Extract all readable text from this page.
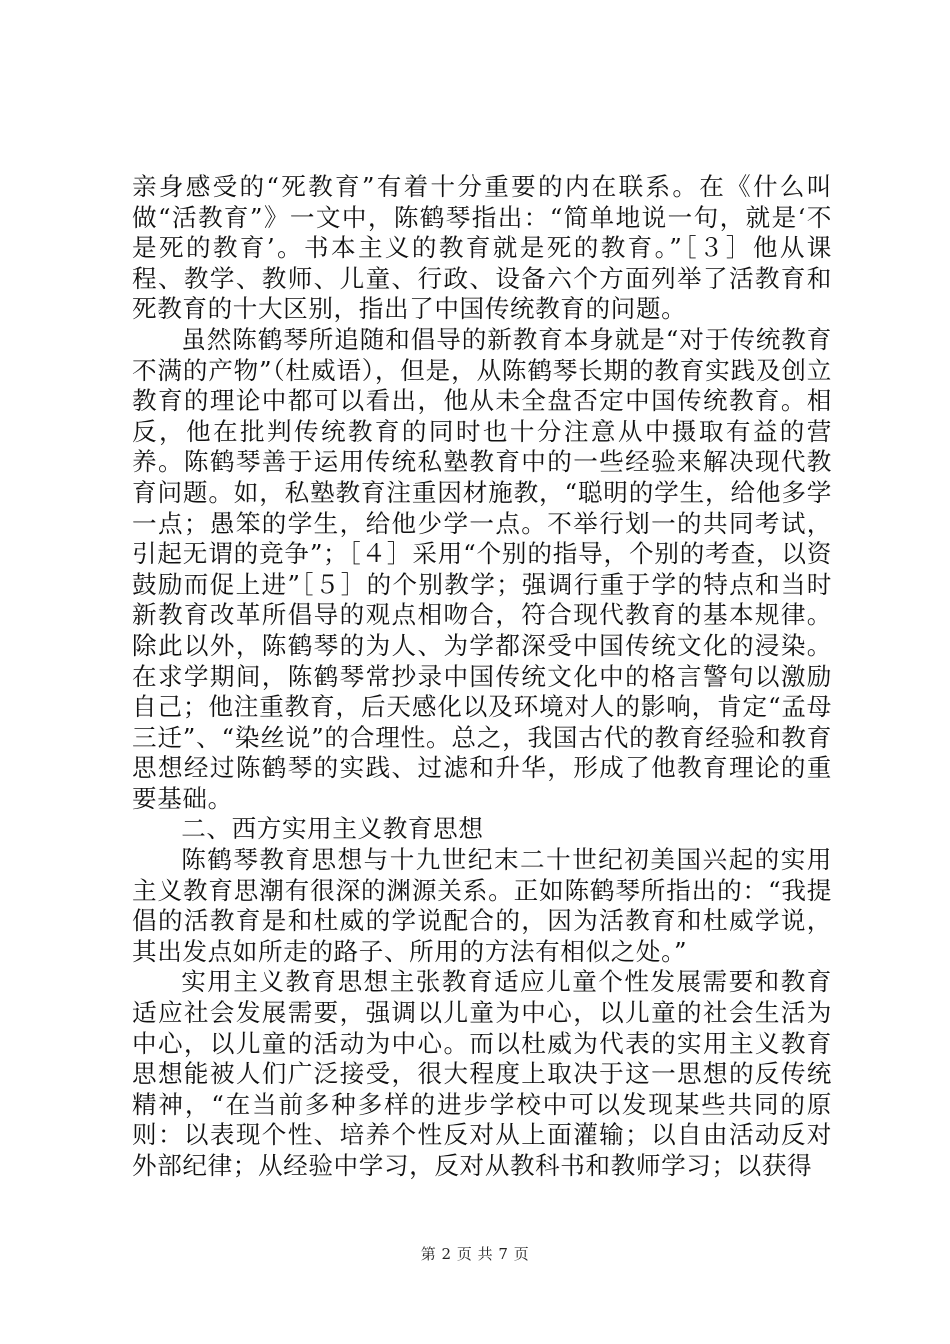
亲身感受的“死教育”有着十分重要的内在联系。在《什么叫做“活教育”》一文中，陈鹤琴指出：“简单地说一句，就是‘不是死的教育’。书本主义的教育就是死的教育。”［３］他从课程、教学、教师、儿童、行政、设备六个方面列举了活教育和死教育的十大区别，指出了中国传统教育的问题。

虽然陈鹤琴所追随和倡导的新教育本身就是“对于传统教育不满的产物”（杜威语），但是，从陈鹤琴长期的教育实践及创立教育的理论中都可以看出，他从未全盘否定中国传统教育。相反，他在批判传统教育的同时也十分注意从中摄取有益的营养。陈鹤琴善于运用传统私塾教育中的一些经验来解决现代教育问题。如，私塾教育注重因材施教，“聪明的学生，给他多学一点；愚笨的学生，给他少学一点。不举行划一的共同考试，引起无谓的竞争”；［４］采用“个别的指导，个别的考查，以资鼓励而促上进”［５］的个别教学；强调行重于学的特点和当时新教育改革所倡导的观点相吻合，符合现代教育的基本规律。除此以外，陈鹤琴的为人、为学都深受中国传统文化的浸染。在求学期间，陈鹤琴常抄录中国传统文化中的格言警句以激励自己；他注重教育，后天感化以及环境对人的影响，肯定“孟母三迁”、“染丝说”的合理性。总之，我国古代的教育经验和教育思想经过陈鹤琴的实践、过滤和升华，形成了他教育理论的重要基础。

二、西方实用主义教育思想

陈鹤琴教育思想与十九世纪末二十世纪初美国兴起的实用主义教育思潮有很深的渊源关系。正如陈鹤琴所指出的：“我提倡的活教育是和杜威的学说配合的，因为活教育和杜威学说，其出发点如所走的路子、所用的方法有相似之处。”

实用主义教育思想主张教育适应儿童个性发展需要和教育适应社会发展需要，强调以儿童为中心，以儿童的社会生活为中心，以儿童的活动为中心。而以杜威为代表的实用主义教育思想能被人们广泛接受，很大程度上取决于这一思想的反传统精神，“在当前多种多样的进步学校中可以发现某些共同的原则：以表现个性、培养个性反对从上面灌输；以自由活动反对外部纪律；从经验中学习，反对从教科书和教师学习；以获得

第 2 页 共 7 页
